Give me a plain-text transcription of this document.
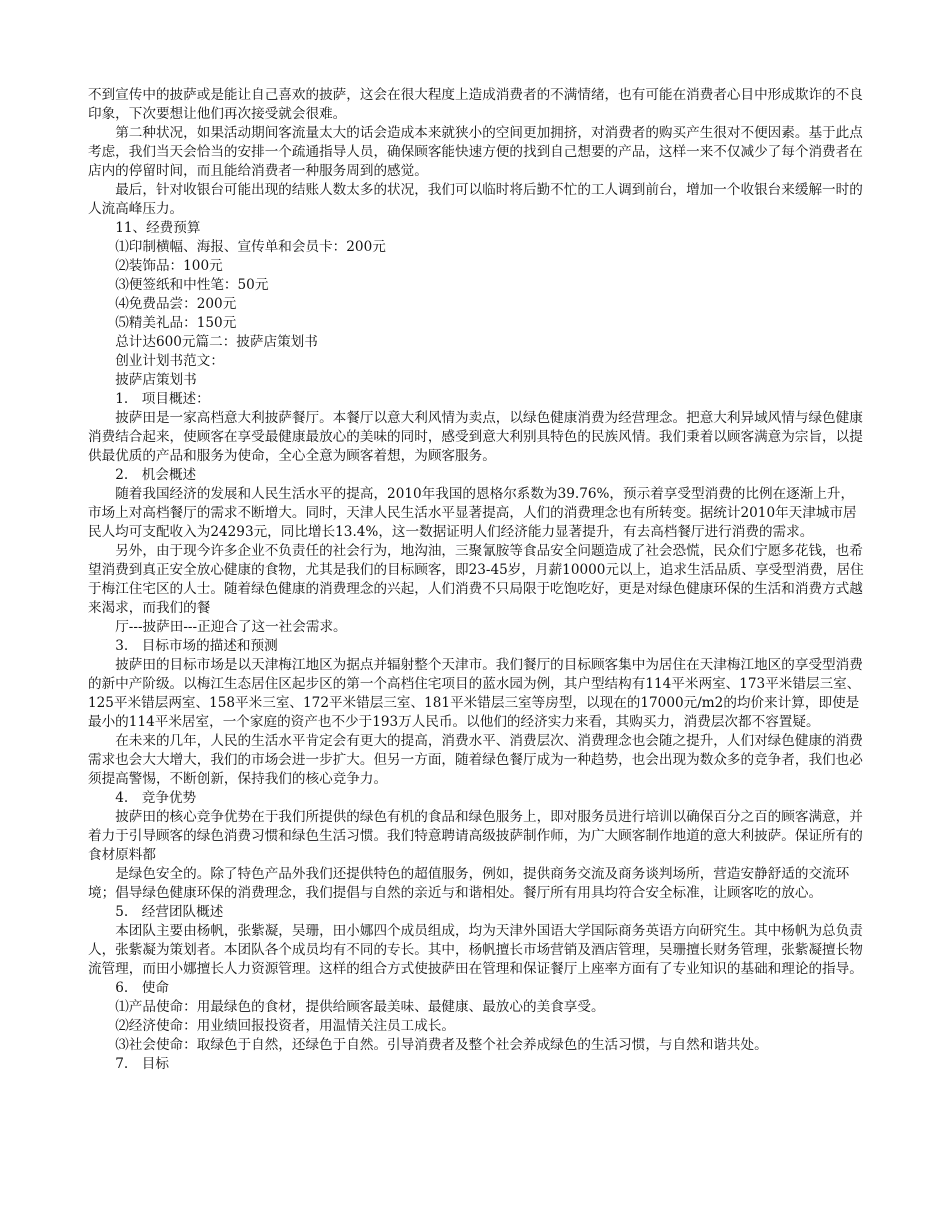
不到宣传中的披萨或是能让自己喜欢的披萨，这会在很大程度上造成消费者的不满情绪，也有可能在消费者心目中形成欺诈的不良印象，下次要想让他们再次接受就会很难。

第二种状况，如果活动期间客流量太大的话会造成本来就狭小的空间更加拥挤，对消费者的购买产生很对不便因素。基于此点考虑，我们当天会恰当的安排一个疏通指导人员，确保顾客能快速方便的找到自己想要的产品，这样一来不仅减少了每个消费者在店内的停留时间，而且能给消费者一种服务周到的感觉。

最后，针对收银台可能出现的结账人数太多的状况，我们可以临时将后勤不忙的工人调到前台，增加一个收银台来缓解一时的人流高峰压力。

11、经费预算

⑴印制横幅、海报、宣传单和会员卡：200元

⑵装饰品：100元

⑶便签纸和中性笔：50元

⑷免费品尝：200元

⑸精美礼品：150元

总计达600元篇二：披萨店策划书

创业计划书范文：

披萨店策划书

1.　项目概述：

披萨田是一家高档意大利披萨餐厅。本餐厅以意大利风情为卖点，以绿色健康消费为经营理念。把意大利异域风情与绿色健康消费结合起来，使顾客在享受最健康最放心的美味的同时，感受到意大利别具特色的民族风情。我们秉着以顾客满意为宗旨，以提供最优质的产品和服务为使命，全心全意为顾客着想，为顾客服务。

2.　机会概述

随着我国经济的发展和人民生活水平的提高，2010年我国的恩格尔系数为39.76%，预示着享受型消费的比例在逐渐上升，市场上对高档餐厅的需求不断增大。同时，天津人民生活水平显著提高，人们的消费理念也有所转变。据统计2010年天津城市居民人均可支配收入为24293元，同比增长13.4%，这一数据证明人们经济能力显著提升，有去高档餐厅进行消费的需求。

另外，由于现今许多企业不负责任的社会行为，地沟油，三聚氰胺等食品安全问题造成了社会恐慌，民众们宁愿多花钱，也希望消费到真正安全放心健康的食物，尤其是我们的目标顾客，即23-45岁，月薪10000元以上，追求生活品质、享受型消费，居住于梅江住宅区的人士。随着绿色健康的消费理念的兴起，人们消费不只局限于吃饱吃好，更是对绿色健康环保的生活和消费方式越来渴求，而我们的餐

厅---披萨田---正迎合了这一社会需求。

3.　目标市场的描述和预测

披萨田的目标市场是以天津梅江地区为据点并辐射整个天津市。我们餐厅的目标顾客集中为居住在天津梅江地区的享受型消费的新中产阶级。以梅江生态居住区起步区的第一个高档住宅项目的蓝水园为例，其户型结构有114平米两室、173平米错层三室、125平米错层两室、158平米三室、172平米错层三室、181平米错层三室等房型，以现在的17000元/m2的均价来计算，即使是最小的114平米居室，一个家庭的资产也不少于193万人民币。以他们的经济实力来看，其购买力，消费层次都不容置疑。

在未来的几年，人民的生活水平肯定会有更大的提高，消费水平、消费层次、消费理念也会随之提升，人们对绿色健康的消费需求也会大大增大，我们的市场会进一步扩大。但另一方面，随着绿色餐厅成为一种趋势，也会出现为数众多的竞争者，我们也必须提高警惕，不断创新，保持我们的核心竞争力。

4.　竞争优势

披萨田的核心竞争优势在于我们所提供的绿色有机的食品和绿色服务上，即对服务员进行培训以确保百分之百的顾客满意，并着力于引导顾客的绿色消费习惯和绿色生活习惯。我们特意聘请高级披萨制作师，为广大顾客制作地道的意大利披萨。保证所有的食材原料都

是绿色安全的。除了特色产品外我们还提供特色的超值服务，例如，提供商务交流及商务谈判场所，营造安静舒适的交流环境；倡导绿色健康环保的消费理念，我们提倡与自然的亲近与和谐相处。餐厅所有用具均符合安全标准，让顾客吃的放心。

5.　经营团队概述

本团队主要由杨帆，张紫凝，吴珊，田小娜四个成员组成，均为天津外国语大学国际商务英语方向研究生。其中杨帆为总负责人，张紫凝为策划者。本团队各个成员均有不同的专长。其中，杨帆擅长市场营销及酒店管理，吴珊擅长财务管理，张紫凝擅长物流管理，而田小娜擅长人力资源管理。这样的组合方式使披萨田在管理和保证餐厅上座率方面有了专业知识的基础和理论的指导。

6.　使命

⑴产品使命：用最绿色的食材，提供给顾客最美味、最健康、最放心的美食享受。

⑵经济使命：用业绩回报投资者，用温情关注员工成长。

⑶社会使命：取绿色于自然，还绿色于自然。引导消费者及整个社会养成绿色的生活习惯，与自然和谐共处。

7.　目标
